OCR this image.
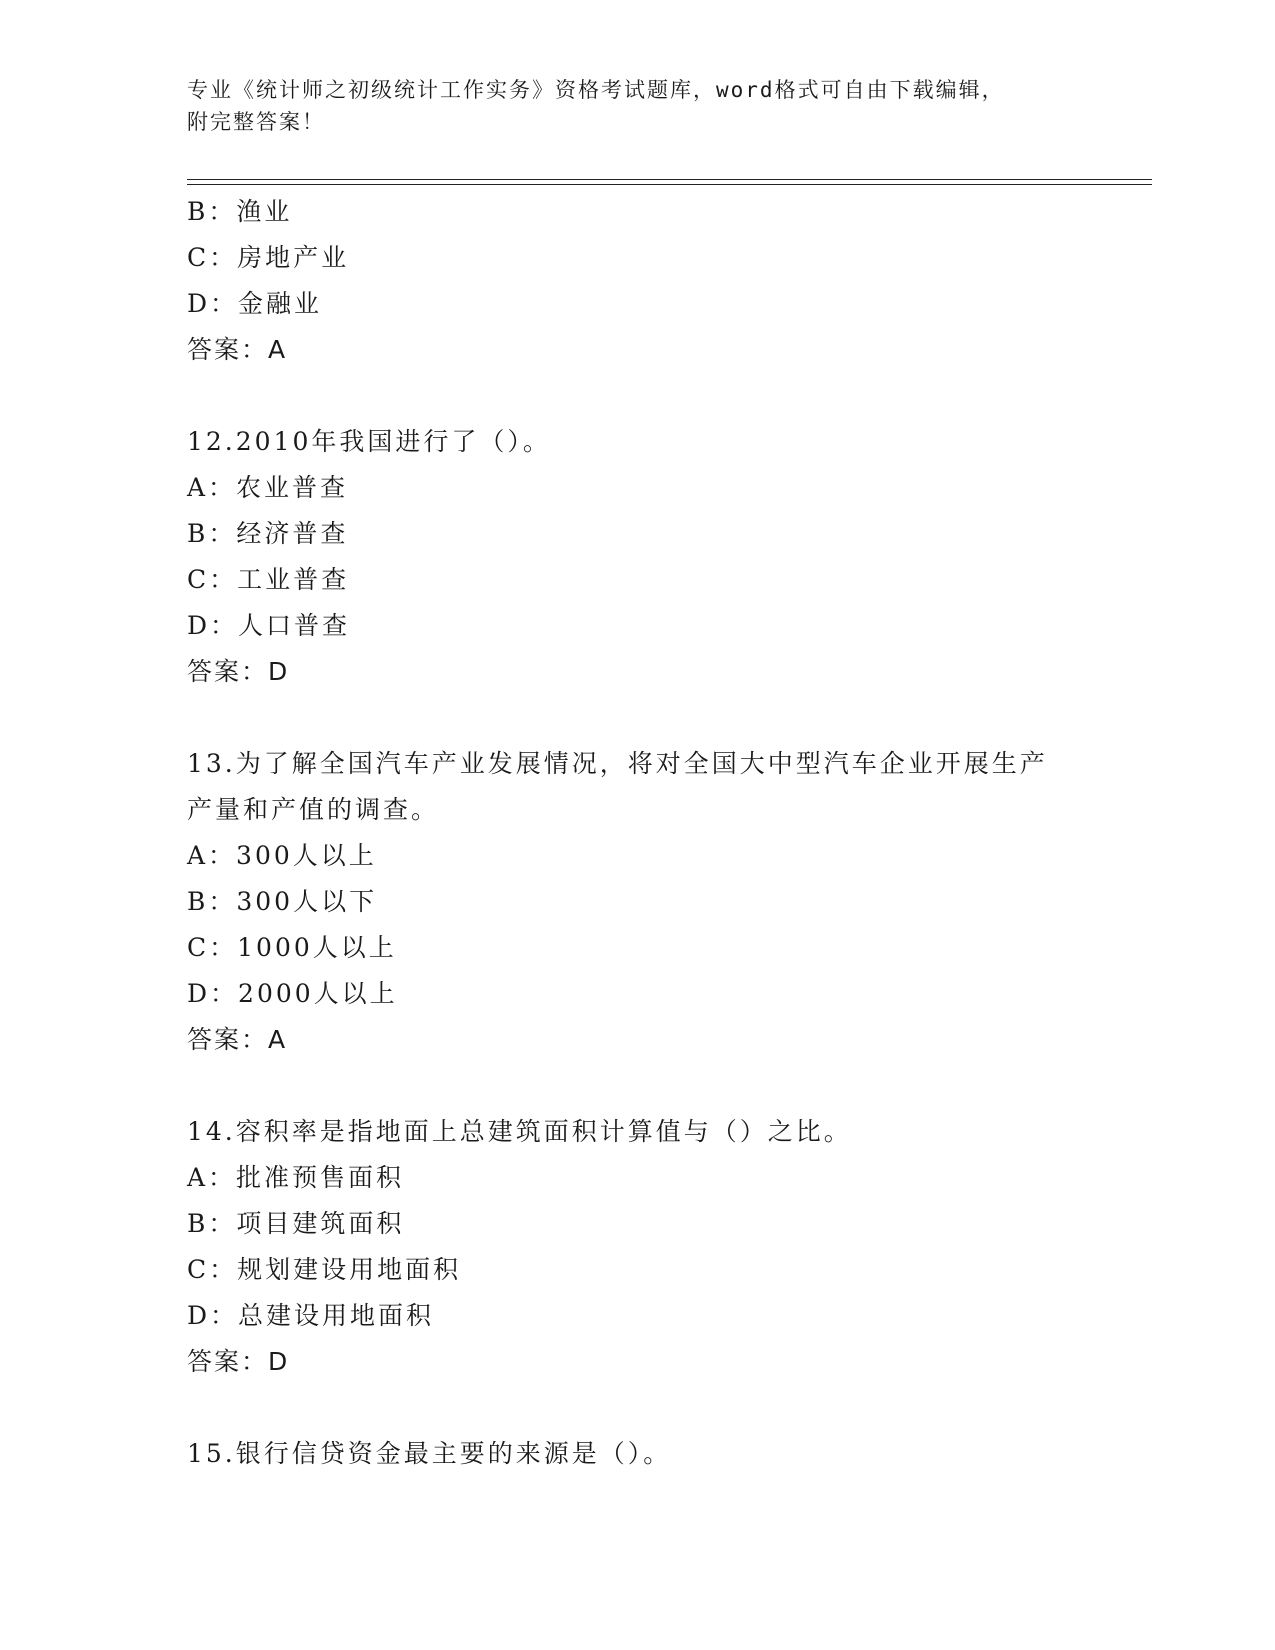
专业《统计师之初级统计工作实务》资格考试题库，word格式可自由下载编辑，
附完整答案！
B：渔业
C：房地产业
D：金融业
答案：A
12.2010年我国进行了（）。
A：农业普查
B：经济普查
C：工业普查
D：人口普查
答案：D
13.为了解全国汽车产业发展情况，将对全国大中型汽车企业开展生产
产量和产值的调查。
A：300人以上
B：300人以下
C：1000人以上
D：2000人以上
答案：A
14.容积率是指地面上总建筑面积计算值与（）之比。
A：批准预售面积
B：项目建筑面积
C：规划建设用地面积
D：总建设用地面积
答案：D
15.银行信贷资金最主要的来源是（）。
